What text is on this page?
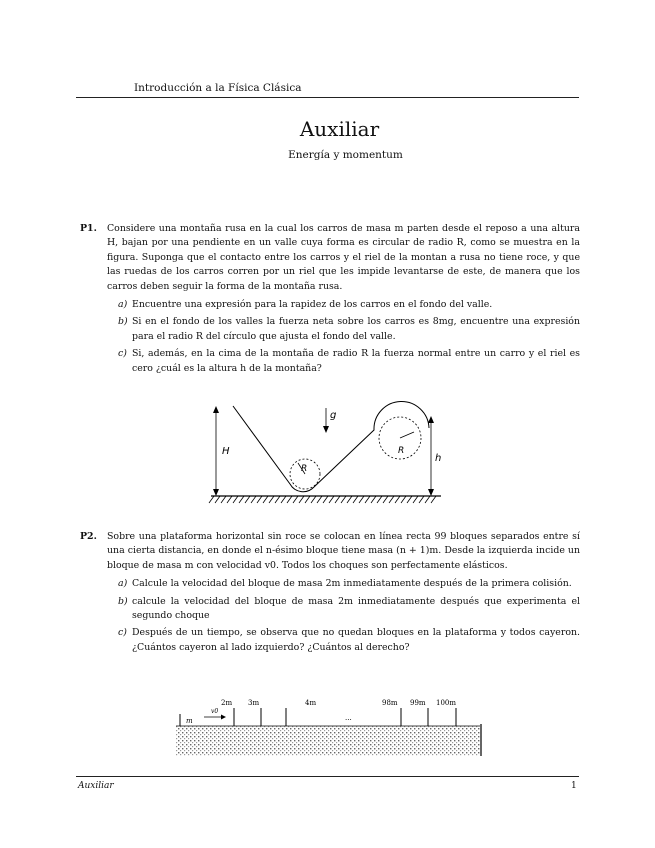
Introducción a la Física Clásica
Auxiliar
Energía y momentum
P1. Considere una montaña rusa en la cual los carros de masa m parten desde el reposo a una altura H, bajan por una pendiente en un valle cuya forma es circular de radio R, como se muestra en la figura. Suponga que el contacto entre los carros y el riel de la montan a rusa no tiene roce, y que las ruedas de los carros corren por un riel que les impide levantarse de este, de manera que los carros deben seguir la forma de la montaña rusa.
a) Encuentre una expresión para la rapidez de los carros en el fondo del valle.
b) Si en el fondo de los valles la fuerza neta sobre los carros es 8mg, encuentre una expresión para el radio R del círculo que ajusta el fondo del valle.
c) Si, además, en la cima de la montaña de radio R la fuerza normal entre un carro y el riel es cero ¿cuál es la altura h de la montaña?
H
R
R
g
h
P2. Sobre una plataforma horizontal sin roce se colocan en línea recta 99 bloques separados entre sí una cierta distancia, en donde el n-ésimo bloque tiene masa (n + 1)m. Desde la izquierda incide un bloque de masa m con velocidad v0. Todos los choques son perfectamente elásticos.
a) Calcule la velocidad del bloque de masa 2m inmediatamente después de la primera colisión.
b) calcule la velocidad del bloque de masa 2m inmediatamente después que experimenta el segundo choque
c) Después de un tiempo, se observa que no quedan bloques en la plataforma y todos cayeron. ¿Cuántos cayeron al lado izquierdo? ¿Cuántos al derecho?
m
v0
2m 3m	4m
...
98m 99m 100m
Auxiliar	1
